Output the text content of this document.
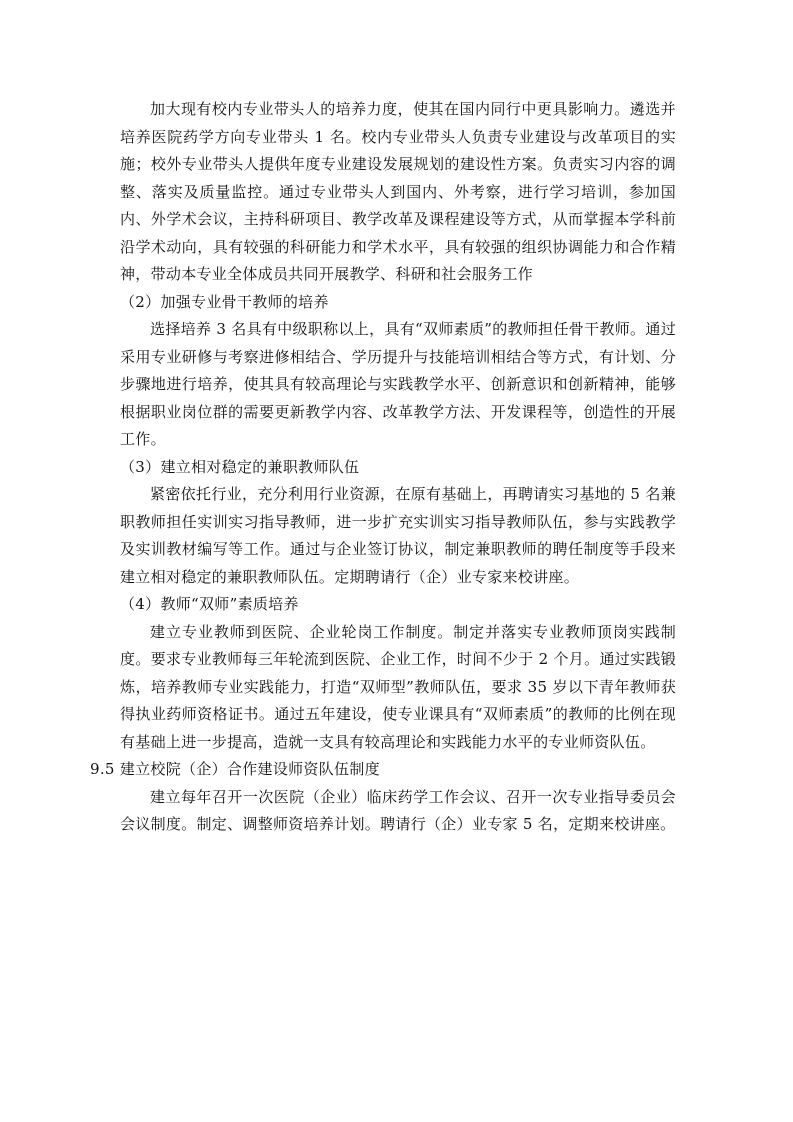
加大现有校内专业带头人的培养力度，使其在国内同行中更具影响力。遴选并培养医院药学方向专业带头 1 名。校内专业带头人负责专业建设与改革项目的实施；校外专业带头人提供年度专业建设发展规划的建设性方案。负责实习内容的调整、落实及质量监控。通过专业带头人到国内、外考察，进行学习培训，参加国内、外学术会议，主持科研项目、教学改革及课程建设等方式，从而掌握本学科前沿学术动向，具有较强的科研能力和学术水平，具有较强的组织协调能力和合作精神，带动本专业全体成员共同开展教学、科研和社会服务工作

（2）加强专业骨干教师的培养

选择培养 3 名具有中级职称以上，具有“双师素质”的教师担任骨干教师。通过采用专业研修与考察进修相结合、学历提升与技能培训相结合等方式，有计划、分步骤地进行培养，使其具有较高理论与实践教学水平、创新意识和创新精神，能够根据职业岗位群的需要更新教学内容、改革教学方法、开发课程等，创造性的开展工作。

（3）建立相对稳定的兼职教师队伍

紧密依托行业，充分利用行业资源，在原有基础上，再聘请实习基地的 5 名兼职教师担任实训实习指导教师，进一步扩充实训实习指导教师队伍，参与实践教学及实训教材编写等工作。通过与企业签订协议，制定兼职教师的聘任制度等手段来建立相对稳定的兼职教师队伍。定期聘请行（企）业专家来校讲座。

（4）教师“双师”素质培养

建立专业教师到医院、企业轮岗工作制度。制定并落实专业教师顶岗实践制度。要求专业教师每三年轮流到医院、企业工作，时间不少于 2 个月。通过实践锻炼，培养教师专业实践能力，打造“双师型”教师队伍，要求 35 岁以下青年教师获得执业药师资格证书。通过五年建设，使专业课具有“双师素质”的教师的比例在现有基础上进一步提高，造就一支具有较高理论和实践能力水平的专业师资队伍。

9.5 建立校院（企）合作建设师资队伍制度

建立每年召开一次医院（企业）临床药学工作会议、召开一次专业指导委员会会议制度。制定、调整师资培养计划。聘请行（企）业专家 5 名，定期来校讲座。
